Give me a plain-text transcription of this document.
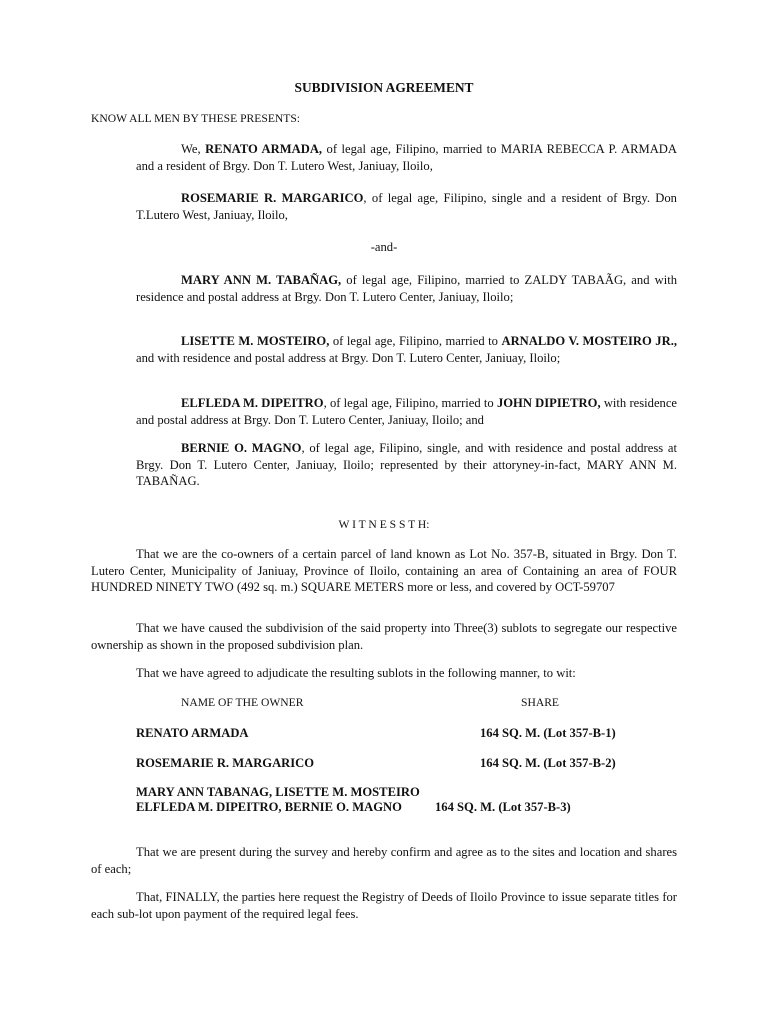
SUBDIVISION AGREEMENT
KNOW ALL MEN BY THESE PRESENTS:
We, RENATO ARMADA, of legal age, Filipino, married to MARIA REBECCA P. ARMADA and a resident of Brgy. Don T. Lutero West, Janiuay, Iloilo,
ROSEMARIE R. MARGARICO, of legal age, Filipino, single and a resident of Brgy. Don T.Lutero West, Janiuay, Iloilo,
-and-
MARY ANN M. TABAÑAG, of legal age, Filipino, married to ZALDY TABAÃG, and with residence and postal address at Brgy. Don T. Lutero Center, Janiuay, Iloilo;
LISETTE M. MOSTEIRO, of legal age, Filipino, married to ARNALDO V. MOSTEIRO JR., and with residence and postal address at Brgy. Don T. Lutero Center, Janiuay, Iloilo;
ELFLEDA M. DIPEITRO, of legal age, Filipino, married to JOHN DIPIETRO, with residence and postal address at Brgy. Don T. Lutero Center, Janiuay, Iloilo; and
BERNIE O. MAGNO, of legal age, Filipino, single, and with residence and postal address at Brgy. Don T. Lutero Center, Janiuay, Iloilo; represented by their attoryney-in-fact, MARY ANN M. TABAÑAG.
W I T N E S S T H:
That we are the co-owners of a certain parcel of land known as Lot No. 357-B, situated in Brgy. Don T. Lutero Center, Municipality of Janiuay, Province of Iloilo, containing an area of Containing an area of FOUR HUNDRED NINETY TWO (492 sq. m.) SQUARE METERS more or less, and covered by OCT-59707
That we have caused the subdivision of the said property into Three(3) sublots to segregate our respective ownership as shown in the proposed subdivision plan.
That we have agreed to adjudicate the resulting sublots in the following manner, to wit:
NAME OF THE OWNER	SHARE
RENATO ARMADA	164 SQ. M. (Lot 357-B-1)
ROSEMARIE R. MARGARICO	164 SQ. M. (Lot 357-B-2)
MARY ANN TABANAG, LISETTE M. MOSTEIRO
ELFLEDA M. DIPEITRO, BERNIE O. MAGNO	164 SQ. M. (Lot 357-B-3)
That we are present during the survey and hereby confirm and agree as to the sites and location and shares of each;
That, FINALLY, the parties here request the Registry of Deeds of Iloilo Province to issue separate titles for each sub-lot upon payment of the required legal fees.
